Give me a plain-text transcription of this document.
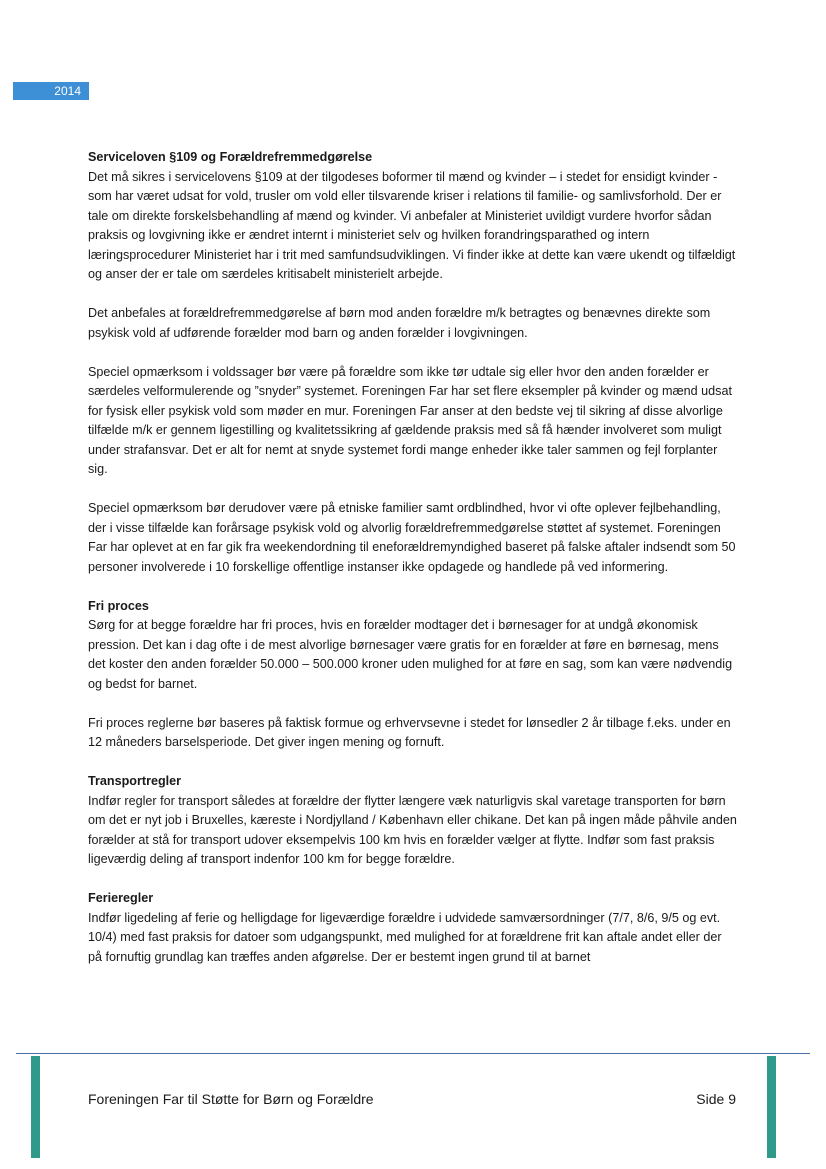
2014
Serviceloven §109 og Forældrefremmedgørelse

Det må sikres i servicelovens §109 at der tilgodeses boformer til mænd og kvinder – i stedet for ensidigt kvinder - som har været udsat for vold, trusler om vold eller tilsvarende kriser i relations til familie- og samlivsforhold. Der er tale om direkte forskelsbehandling af mænd og kvinder. Vi anbefaler at Ministeriet uvildigt vurdere hvorfor sådan praksis og lovgivning ikke er ændret internt i ministeriet selv og hvilken forandringsparathed og intern læringsprocedurer Ministeriet har i trit med samfundsudviklingen. Vi finder ikke at dette kan være ukendt og tilfældigt og anser der er tale om særdeles kritisabelt ministerielt arbejde.

Det anbefales at forældrefremmedgørelse af børn mod anden forældre m/k betragtes og benævnes direkte som psykisk vold af udførende forælder mod barn og anden forælder i lovgivningen.

Speciel opmærksom i voldssager bør være på forældre som ikke tør udtale sig eller hvor den anden forælder er særdeles velformulerende og ”snyder” systemet. Foreningen Far har set flere eksempler på kvinder og mænd udsat for fysisk eller psykisk vold som møder en mur. Foreningen Far anser at den bedste vej til sikring af disse alvorlige tilfælde m/k er gennem ligestilling og kvalitetssikring af gældende praksis med så få hænder involveret som muligt under strafansvar. Det er alt for nemt at snyde systemet fordi mange enheder ikke taler sammen og fejl forplanter sig.

Speciel opmærksom bør derudover være på etniske familier samt ordblindhed, hvor vi ofte oplever fejlbehandling, der i visse tilfælde kan forårsage psykisk vold og alvorlig forældrefremmedgørelse støttet af systemet. Foreningen Far har oplevet at en far gik fra weekendordning til eneforældremyndighed baseret på falske aftaler indsendt som 50 personer involverede i 10 forskellige offentlige instanser ikke opdagede og handlede på ved informering.

Fri proces

Sørg for at begge forældre har fri proces, hvis en forælder modtager det i børnesager for at undgå økonomisk pression. Det kan i dag ofte i de mest alvorlige børnesager være gratis for en forælder at føre en børnesag, mens det koster den anden forælder 50.000 – 500.000 kroner uden mulighed for at føre en sag, som kan være nødvendig og bedst for barnet.

Fri proces reglerne bør baseres på faktisk formue og erhvervsevne i stedet for lønsedler 2 år tilbage f.eks. under en 12 måneders barselsperiode. Det giver ingen mening og fornuft.

Transportregler

Indfør regler for transport således at forældre der flytter længere væk naturligvis skal varetage transporten for børn om det er nyt job i Bruxelles, kæreste i Nordjylland / København eller chikane. Det kan på ingen måde påhvile anden forælder at stå for transport udover eksempelvis 100 km hvis en forælder vælger at flytte. Indfør som fast praksis ligeværdig deling af transport indenfor 100 km for begge forældre.

Ferieregler

Indfør ligedeling af ferie og helligdage for ligeværdige forældre i udvidede samværsordninger (7/7, 8/6, 9/5 og evt. 10/4) med fast praksis for datoer som udgangspunkt, med mulighed for at forældrene frit kan aftale andet eller der på fornuftig grundlag kan træffes anden afgørelse. Der er bestemt ingen grund til at barnet

Foreningen Far til Støtte for Børn og Forældre	Side 9
